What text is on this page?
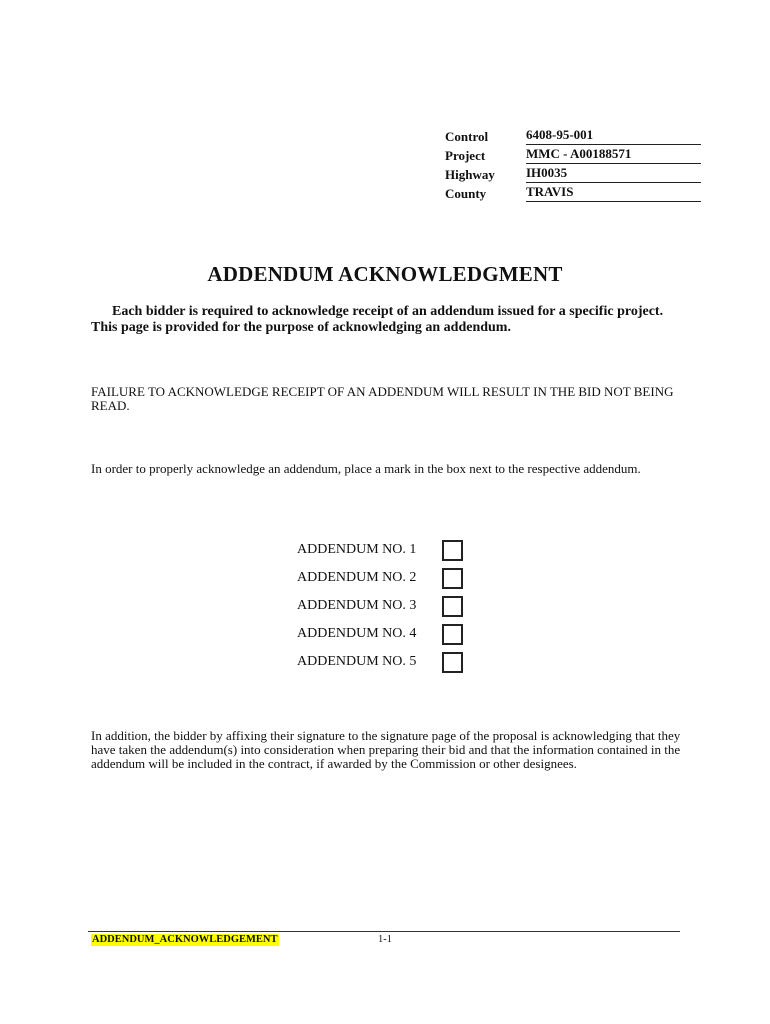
Control	6408-95-001
Project	MMC - A00188571
Highway	IH0035
County	TRAVIS
ADDENDUM ACKNOWLEDGMENT
Each bidder is required to acknowledge receipt of an addendum issued for a specific project. This page is provided for the purpose of acknowledging an addendum.
FAILURE TO ACKNOWLEDGE RECEIPT OF AN ADDENDUM WILL RESULT IN THE BID NOT BEING READ.
In order to properly acknowledge an addendum, place a mark in the box next to the respective addendum.
ADDENDUM NO. 1
ADDENDUM NO. 2
ADDENDUM NO. 3
ADDENDUM NO. 4
ADDENDUM NO. 5
In addition, the bidder by affixing their signature to the signature page of the proposal is acknowledging that they have taken the addendum(s) into consideration when preparing their bid and that the information contained in the addendum will be included in the contract, if awarded by the Commission or other designees.
ADDENDUM_ACKNOWLEDGEMENT	1-1
